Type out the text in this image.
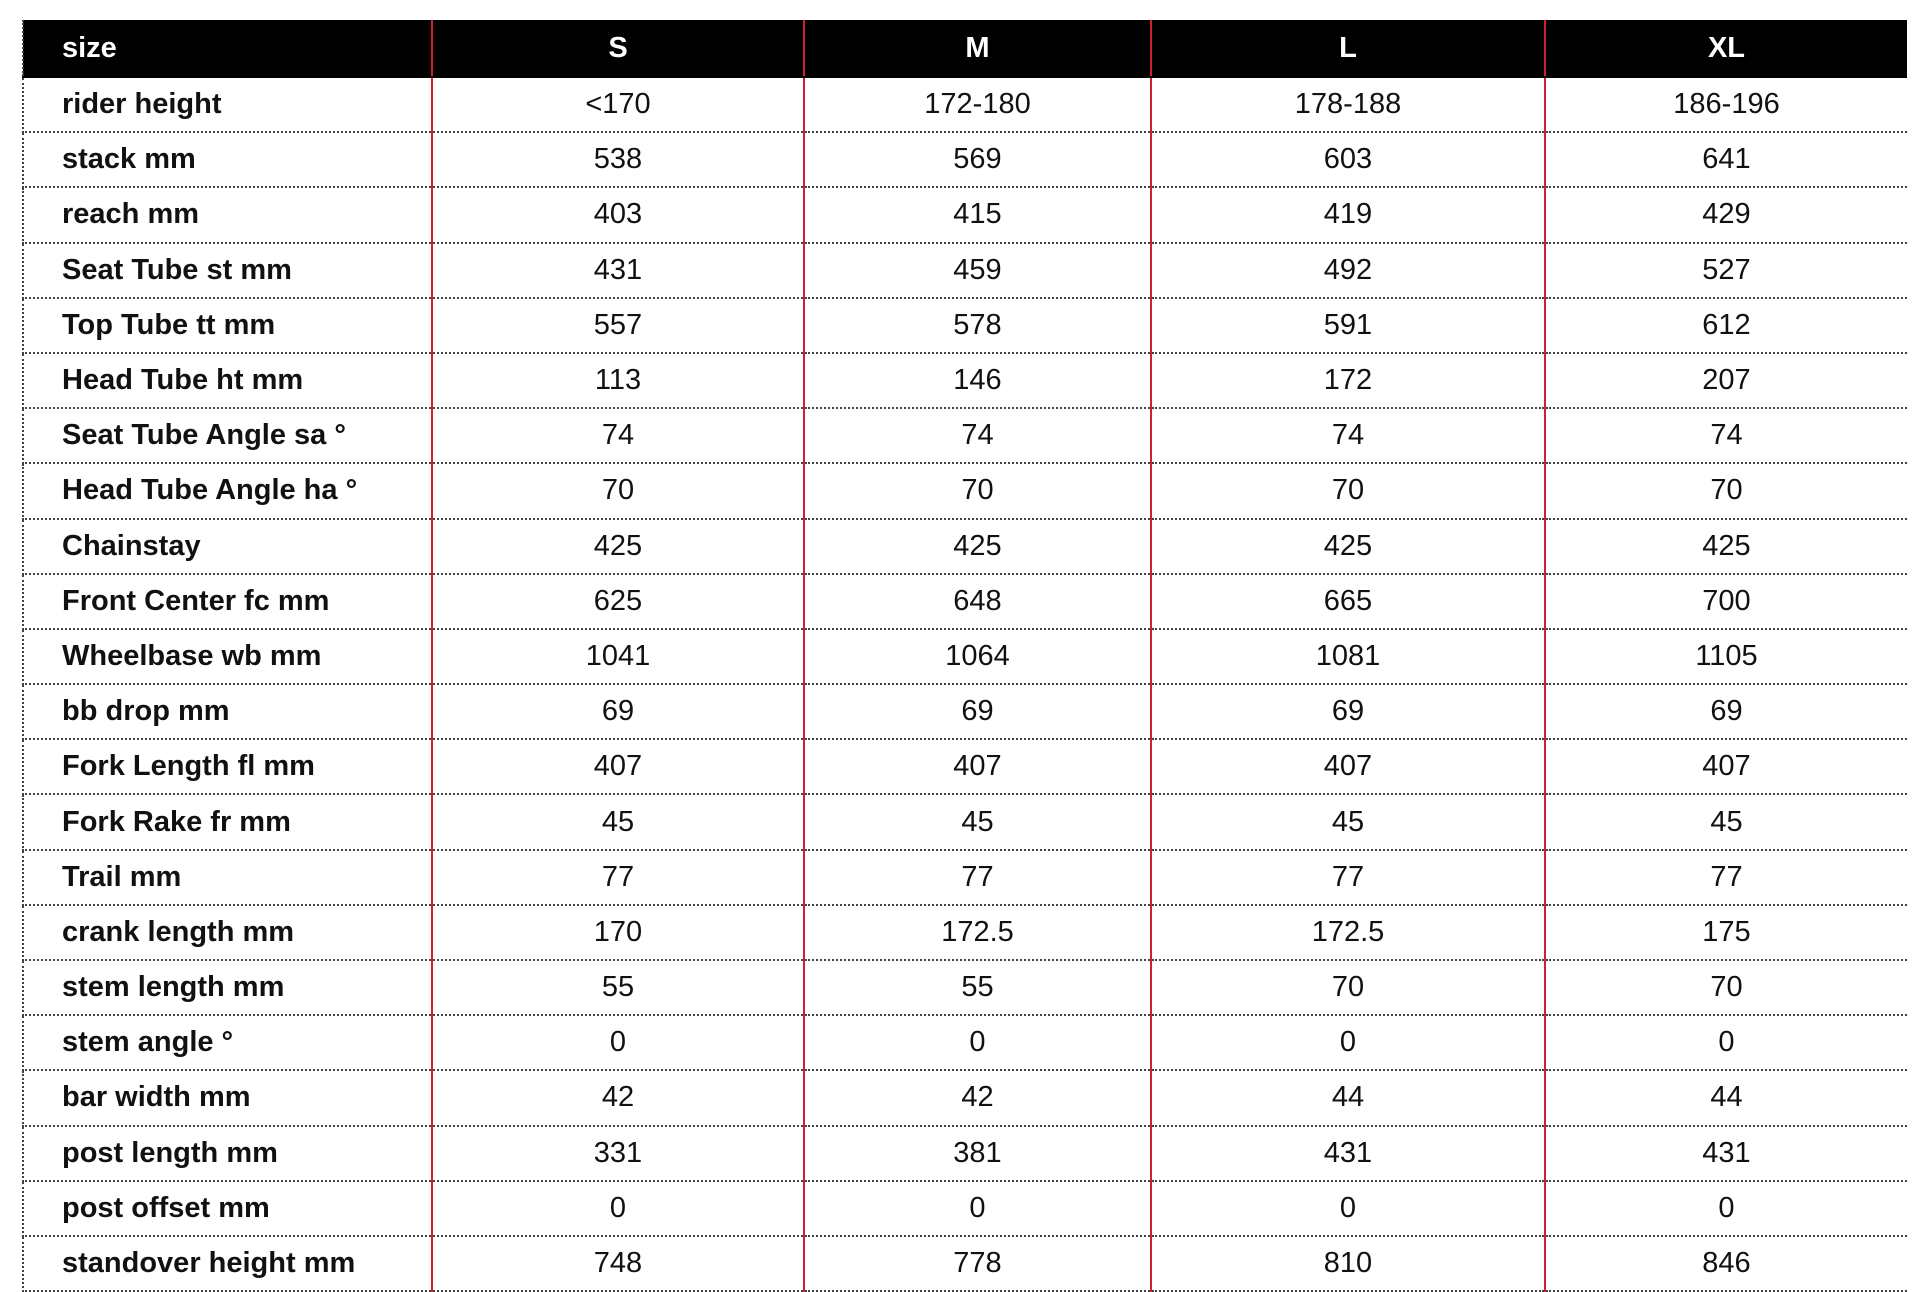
size	S	M	L	XL
rider height	<170	172-180	178-188	186-196
stack mm	538	569	603	641
reach mm	403	415	419	429
Seat Tube st mm	431	459	492	527
Top Tube tt mm	557	578	591	612
Head Tube ht mm	113	146	172	207
Seat Tube Angle sa °	74	74	74	74
Head Tube Angle ha °	70	70	70	70
Chainstay	425	425	425	425
Front Center fc mm	625	648	665	700
Wheelbase wb mm	1041	1064	1081	1105
bb drop mm	69	69	69	69
Fork Length fl mm	407	407	407	407
Fork Rake fr mm	45	45	45	45
Trail mm	77	77	77	77
crank length mm	170	172.5	172.5	175
stem length mm	55	55	70	70
stem angle °	0	0	0	0
bar width mm	42	42	44	44
post length mm	331	381	431	431
post offset mm	0	0	0	0
standover height mm	748	778	810	846
